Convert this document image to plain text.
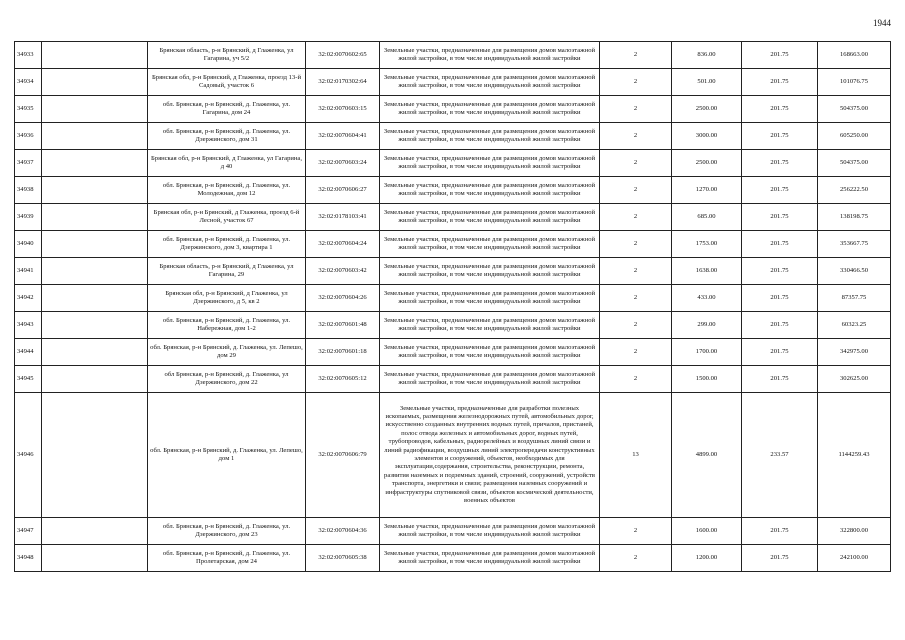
1944
34933		Брянская область, р-н Брянский, д Глаженка, ул Гагарина, уч 5/2	32:02:0070602:65	Земельные участки, предназначенные для размещения домов малоэтажной жилой застройки, в том числе индивидуальной жилой застройки	2	836.00	201.75	168663.00
34934		Брянская обл, р-н Брянский, д Глаженка, проезд 13-й Садовый, участок 6	32:02:0170302:64	Земельные участки, предназначенные для размещения домов малоэтажной жилой застройки, в том числе индивидуальной жилой застройки	2	501.00	201.75	101076.75
34935		обл. Брянская, р-н Брянский, д. Глаженка, ул. Гагарина, дом 24	32:02:0070603:15	Земельные участки, предназначенные для размещения домов малоэтажной жилой застройки, в том числе индивидуальной жилой застройки	2	2500.00	201.75	504375.00
34936		обл. Брянская, р-н Брянский, д. Глаженка, ул. Дзержинского, дом 31	32:02:0070604:41	Земельные участки, предназначенные для размещения домов малоэтажной жилой застройки, в том числе индивидуальной жилой застройки	2	3000.00	201.75	605250.00
34937		Брянская обл, р-н Брянский, д Глаженка, ул Гагарина, д 40	32:02:0070603:24	Земельные участки, предназначенные для размещения домов малоэтажной жилой застройки, в том числе индивидуальной жилой застройки	2	2500.00	201.75	504375.00
34938		обл. Брянская, р-н Брянский, д. Глаженка, ул. Молодежная, дом 12	32:02:0070606:27	Земельные участки, предназначенные для размещения домов малоэтажной жилой застройки, в том числе индивидуальной жилой застройки	2	1270.00	201.75	256222.50
34939		Брянская обл, р-н Брянский, д Глаженка, проезд 6-й Лесной, участок 67	32:02:0178103:41	Земельные участки, предназначенные для размещения домов малоэтажной жилой застройки, в том числе индивидуальной жилой застройки	2	685.00	201.75	138198.75
34940		обл. Брянская, р-н Брянский, д. Глаженка, ул. Дзержинского, дом 3, квартира 1	32:02:0070604:24	Земельные участки, предназначенные для размещения домов малоэтажной жилой застройки, в том числе индивидуальной жилой застройки	2	1753.00	201.75	353667.75
34941		Брянская область, р-н Брянский, д Глаженка, ул Гагарина, 29	32:02:0070603:42	Земельные участки, предназначенные для размещения домов малоэтажной жилой застройки, в том числе индивидуальной жилой застройки	2	1638.00	201.75	330466.50
34942		Брянская обл, р-н Брянский, д Глаженка, ул Дзержинского, д 5, кв 2	32:02:0070604:26	Земельные участки, предназначенные для размещения домов малоэтажной жилой застройки, в том числе индивидуальной жилой застройки	2	433.00	201.75	87357.75
34943		обл. Брянская, р-н Брянский, д. Глаженка, ул. Набережная, дом 1-2	32:02:0070601:48	Земельные участки, предназначенные для размещения домов малоэтажной жилой застройки, в том числе индивидуальной жилой застройки	2	299.00	201.75	60323.25
34944		обл. Брянская, р-н Брянский, д. Глаженка, ул. Лепешо, дом 29	32:02:0070601:18	Земельные участки, предназначенные для размещения домов малоэтажной жилой застройки, в том числе индивидуальной жилой застройки	2	1700.00	201.75	342975.00
34945		обл Брянская, р-н Брянский, д. Глаженка, ул Дзержинского, дом 22	32:02:0070605:12	Земельные участки, предназначенные для размещения домов малоэтажной жилой застройки, в том числе индивидуальной жилой застройки	2	1500.00	201.75	302625.00
34946		обл. Брянская, р-н Брянский, д. Глаженка, ул. Лепешо, дом 1	32:02:0070606:79	Земельные участки, предназначенные для разработки полезных ископаемых, размещения железнодорожных путей, автомобильных дорог, искусственно созданных внутренних водных путей, причалов, пристаней, полос отвода железных и автомобильных дорог, водных путей, трубопроводов, кабельных, радиорелейных и воздушных линий связи и линий радиофикации, воздушных линий электропередачи конструктивных элементов и сооружений, объектов, необходимых для эксплуатации,содержания, строительства, реконструкции, ремонта, развития наземных и подземных зданий, строений, сооружений, устройств транспорта, энергетики и связи; размещения наземных сооружений и инфраструктуры спутниковой связи, объектов космической деятельности, военных объектов	13	4899.00	233.57	1144259.43
34947		обл. Брянская, р-н Брянский, д. Глаженка, ул. Дзержинского, дом 23	32:02:0070604:36	Земельные участки, предназначенные для размещения домов малоэтажной жилой застройки, в том числе индивидуальной жилой застройки	2	1600.00	201.75	322800.00
34948		обл. Брянская, р-н Брянский, д. Глаженка, ул. Пролетарская, дом 24	32:02:0070605:38	Земельные участки, предназначенные для размещения домов малоэтажной жилой застройки, в том числе индивидуальной жилой застройки	2	1200.00	201.75	242100.00
